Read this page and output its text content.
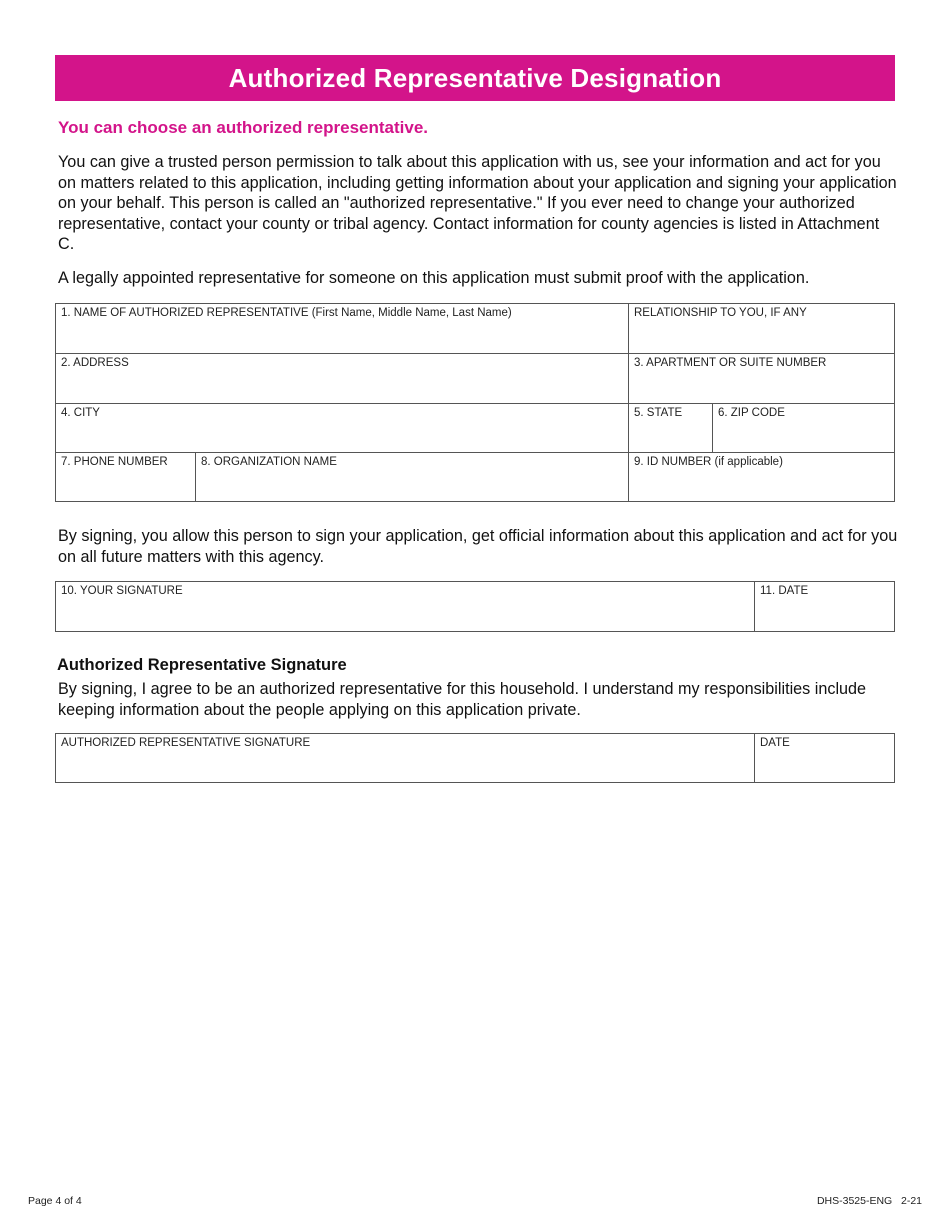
Authorized Representative Designation
You can choose an authorized representative.
You can give a trusted person permission to talk about this application with us, see your information and act for you on matters related to this application, including getting information about your application and signing your application on your behalf. This person is called an "authorized representative." If you ever need to change your authorized representative, contact your county or tribal agency. Contact information for county agencies is listed in Attachment C.
A legally appointed representative for someone on this application must submit proof with the application.
1. NAME OF AUTHORIZED REPRESENTATIVE (First Name, Middle Name, Last Name)	RELATIONSHIP TO YOU, IF ANY
2. ADDRESS	3. APARTMENT OR SUITE NUMBER
4. CITY	5. STATE	6. ZIP CODE
7. PHONE NUMBER	8. ORGANIZATION NAME	9. ID NUMBER (if applicable)
By signing, you allow this person to sign your application, get official information about this application and act for you on all future matters with this agency.
10. YOUR SIGNATURE	11. DATE
Authorized Representative Signature
By signing, I agree to be an authorized representative for this household. I understand my responsibilities include keeping information about the people applying on this application private.
AUTHORIZED REPRESENTATIVE SIGNATURE	DATE
Page 4 of 4	DHS-3525-ENG   2-21
